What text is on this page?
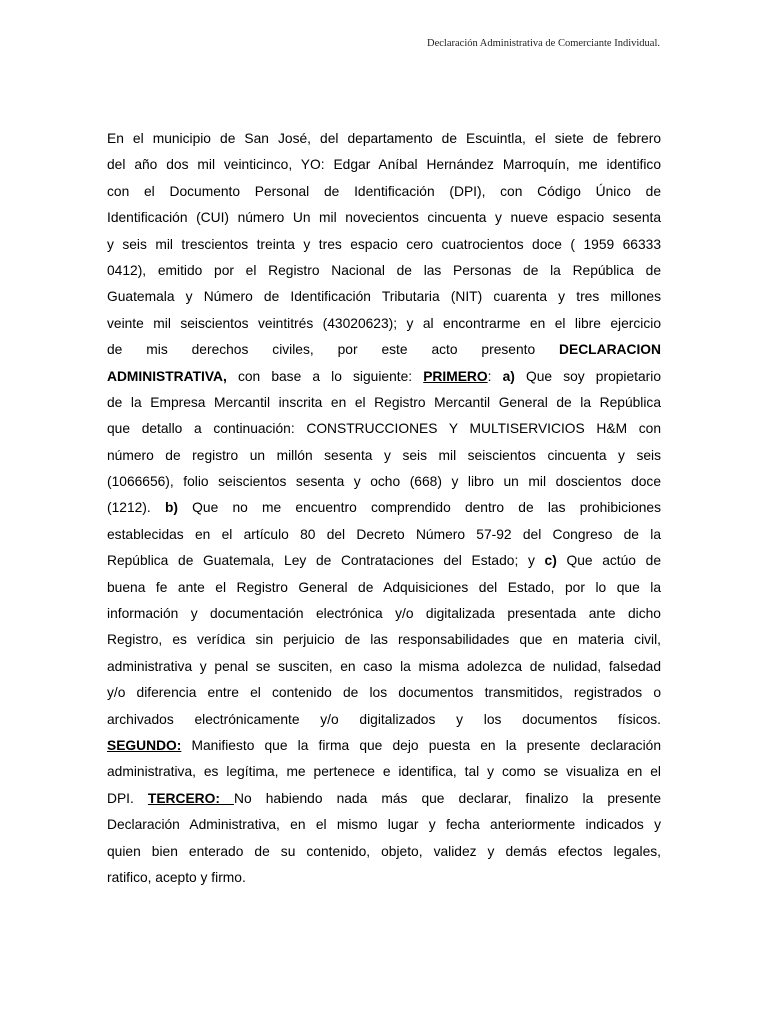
Declaración Administrativa de Comerciante Individual.
En el municipio de San José, del departamento de Escuintla, el siete de febrero
del año dos mil veinticinco, YO: Edgar Aníbal Hernández Marroquín, me identifico
con el Documento Personal de Identificación (DPI), con Código Único de
Identificación (CUI) número Un mil novecientos cincuenta y nueve espacio sesenta
y seis mil trescientos treinta y tres espacio cero cuatrocientos doce ( 1959 66333
0412), emitido por el Registro Nacional de las Personas de la República de
Guatemala y Número de Identificación Tributaria (NIT) cuarenta y tres millones
veinte mil seiscientos veintitrés (43020623); y al encontrarme en el libre ejercicio
de mis derechos civiles, por este acto presento DECLARACION
ADMINISTRATIVA, con base a lo siguiente: PRIMERO: a) Que soy propietario
de la Empresa Mercantil inscrita en el Registro Mercantil General de la República
que detallo a continuación: CONSTRUCCIONES Y MULTISERVICIOS H&M con
número de registro un millón sesenta y seis mil seiscientos cincuenta y seis
(1066656), folio seiscientos sesenta y ocho (668) y libro un mil doscientos doce
(1212). b) Que no me encuentro comprendido dentro de las prohibiciones
establecidas en el artículo 80 del Decreto Número 57-92 del Congreso de la
República de Guatemala, Ley de Contrataciones del Estado; y c) Que actúo de
buena fe ante el Registro General de Adquisiciones del Estado, por lo que la
información y documentación electrónica y/o digitalizada presentada ante dicho
Registro, es verídica sin perjuicio de las responsabilidades que en materia civil,
administrativa y penal se susciten, en caso la misma adolezca de nulidad, falsedad
y/o diferencia entre el contenido de los documentos transmitidos, registrados o
archivados electrónicamente y/o digitalizados y los documentos físicos.
SEGUNDO: Manifiesto que la firma que dejo puesta en la presente declaración
administrativa, es legítima, me pertenece e identifica, tal y como se visualiza en el
DPI. TERCERO: No habiendo nada más que declarar, finalizo la presente
Declaración Administrativa, en el mismo lugar y fecha anteriormente indicados y
quien bien enterado de su contenido, objeto, validez y demás efectos legales,
ratifico, acepto y firmo.
